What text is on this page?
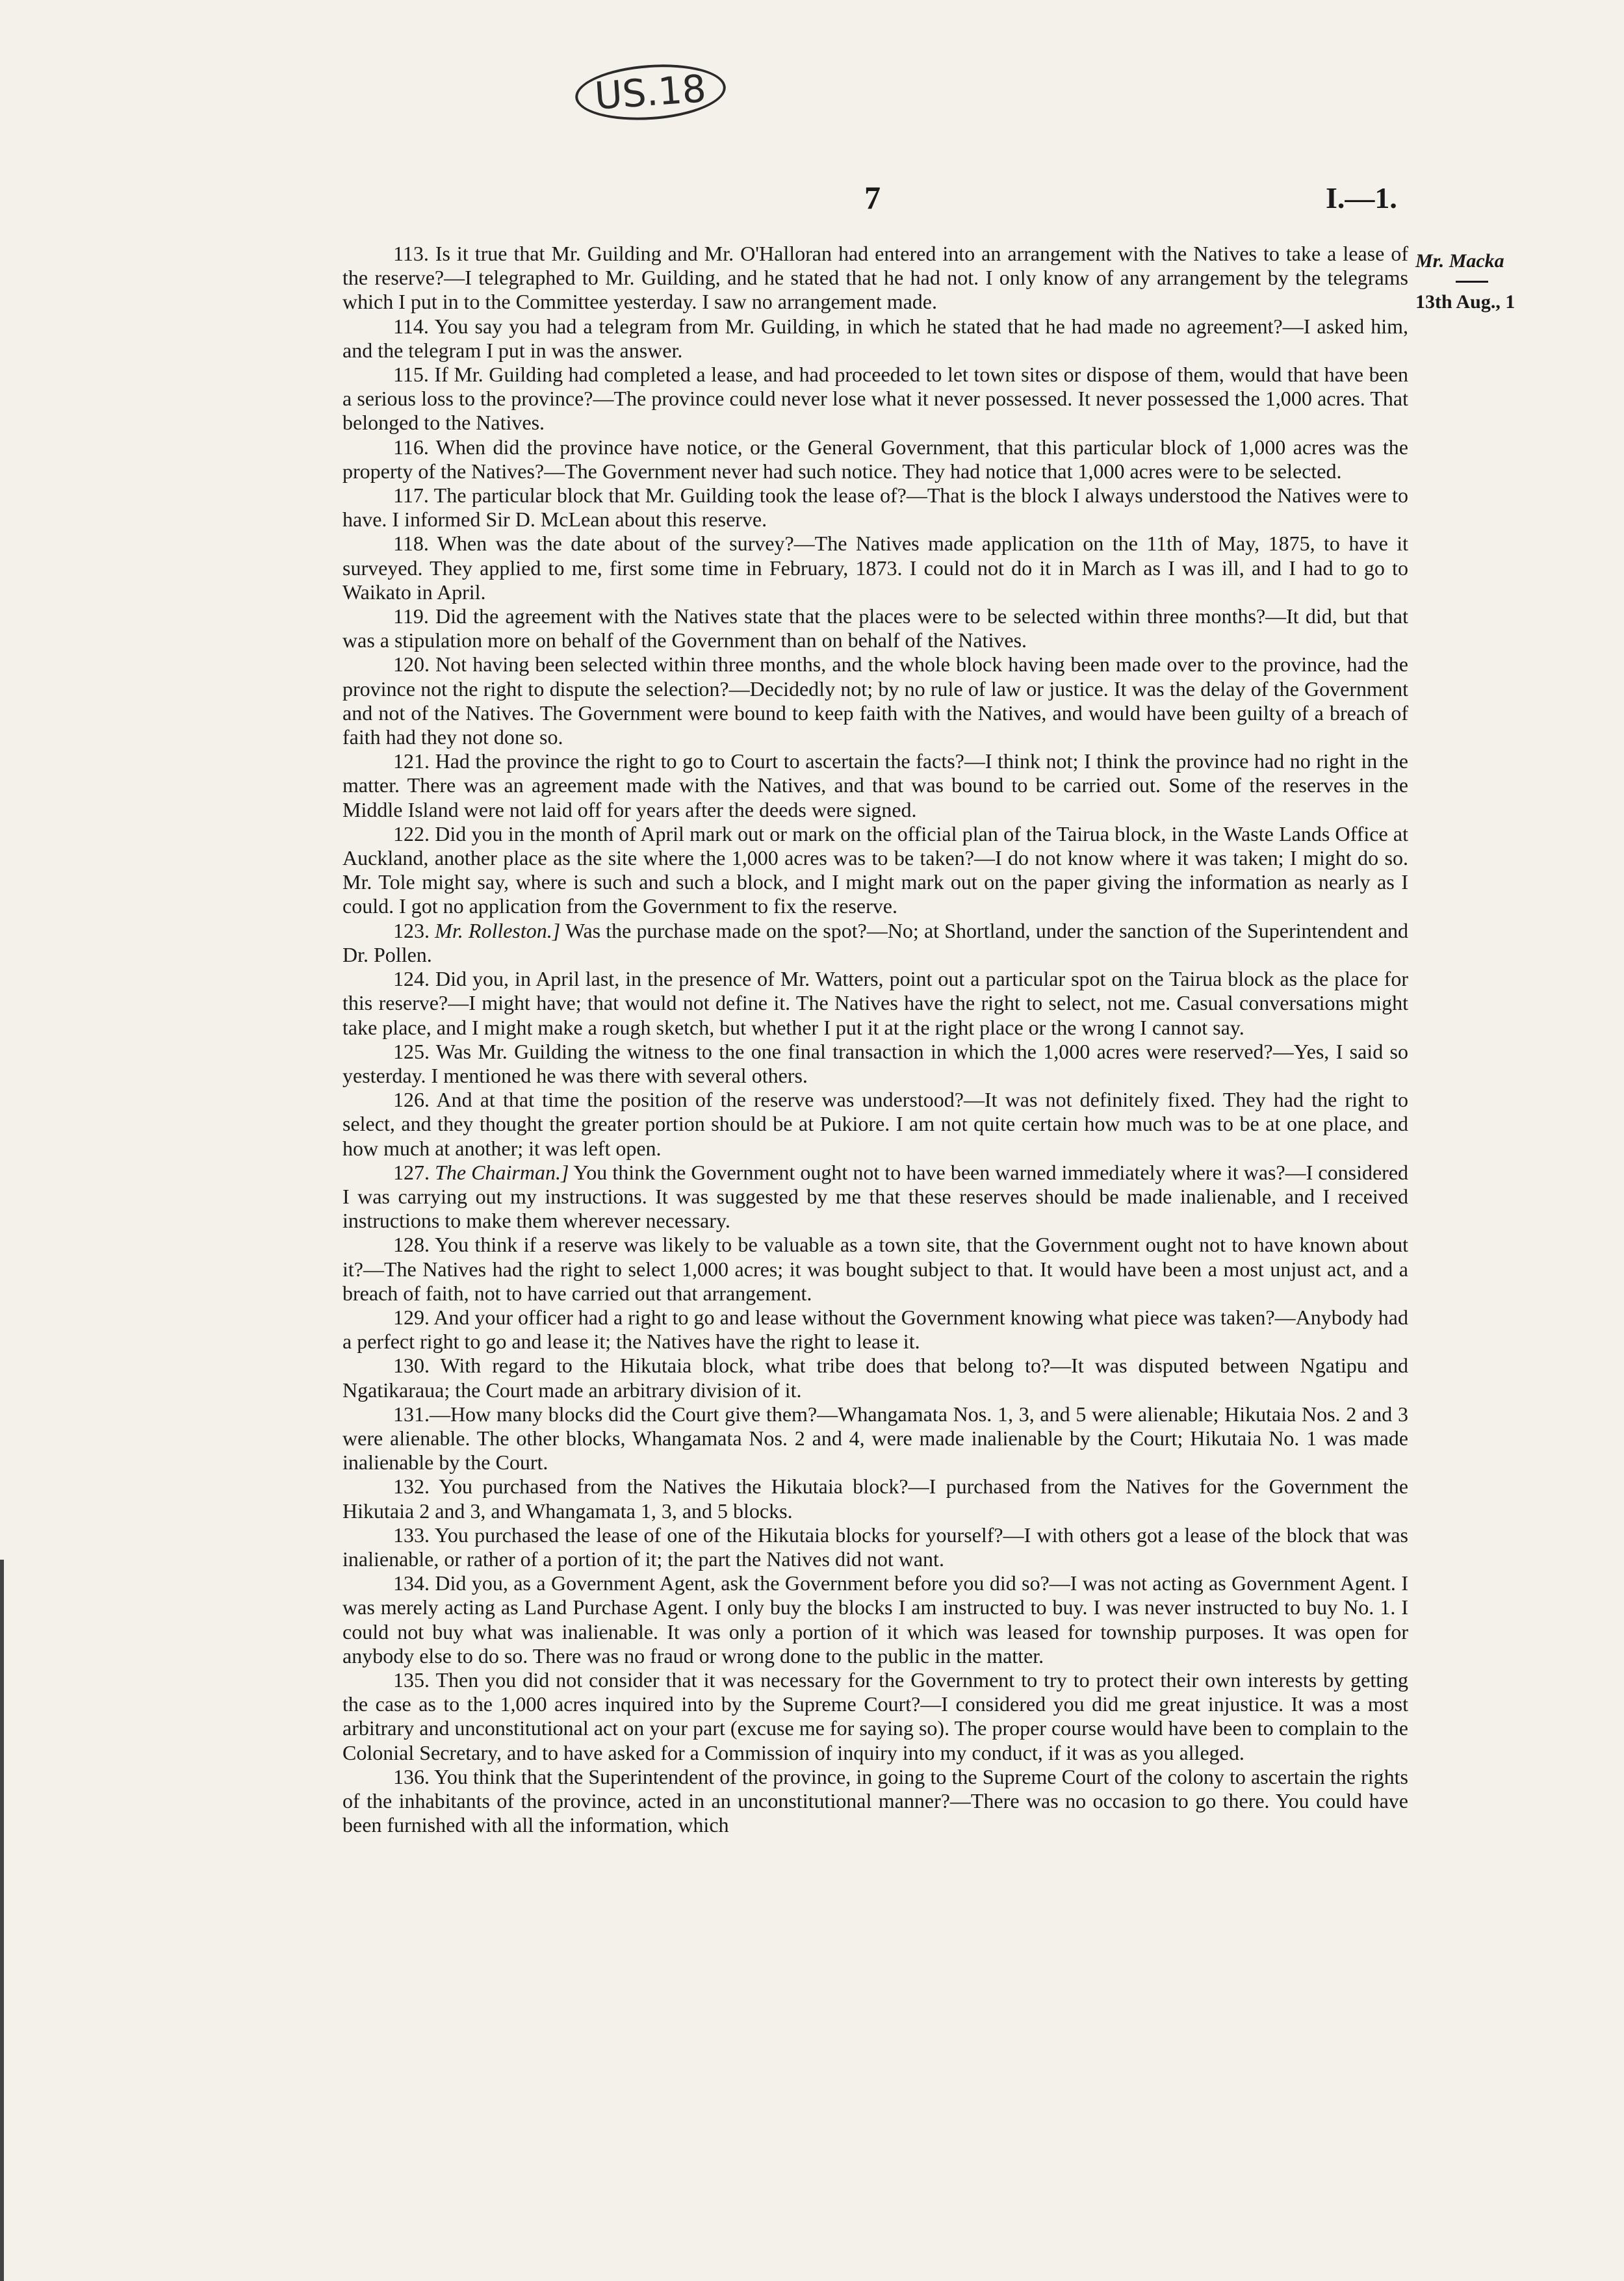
US.18
7	I.—1.
Mr. Macka
13th Aug., 1

113. Is it true that Mr. Guilding and Mr. O'Halloran had entered into an arrangement with the Natives to take a lease of the reserve?—I telegraphed to Mr. Guilding, and he stated that he had not. I only know of any arrangement by the telegrams which I put in to the Committee yesterday. I saw no arrangement made.

114. You say you had a telegram from Mr. Guilding, in which he stated that he had made no agreement?—I asked him, and the telegram I put in was the answer.

115. If Mr. Guilding had completed a lease, and had proceeded to let town sites or dispose of them, would that have been a serious loss to the province?—The province could never lose what it never possessed. It never possessed the 1,000 acres. That belonged to the Natives.

116. When did the province have notice, or the General Government, that this particular block of 1,000 acres was the property of the Natives?—The Government never had such notice. They had notice that 1,000 acres were to be selected.

117. The particular block that Mr. Guilding took the lease of?—That is the block I always understood the Natives were to have. I informed Sir D. McLean about this reserve.

118. When was the date about of the survey?—The Natives made application on the 11th of May, 1875, to have it surveyed. They applied to me, first some time in February, 1873. I could not do it in March as I was ill, and I had to go to Waikato in April.

119. Did the agreement with the Natives state that the places were to be selected within three months?—It did, but that was a stipulation more on behalf of the Government than on behalf of the Natives.

120. Not having been selected within three months, and the whole block having been made over to the province, had the province not the right to dispute the selection?—Decidedly not; by no rule of law or justice. It was the delay of the Government and not of the Natives. The Government were bound to keep faith with the Natives, and would have been guilty of a breach of faith had they not done so.

121. Had the province the right to go to Court to ascertain the facts?—I think not; I think the province had no right in the matter. There was an agreement made with the Natives, and that was bound to be carried out. Some of the reserves in the Middle Island were not laid off for years after the deeds were signed.

122. Did you in the month of April mark out or mark on the official plan of the Tairua block, in the Waste Lands Office at Auckland, another place as the site where the 1,000 acres was to be taken?—I do not know where it was taken; I might do so. Mr. Tole might say, where is such and such a block, and I might mark out on the paper giving the information as nearly as I could. I got no application from the Government to fix the reserve.

123. Mr. Rolleston.] Was the purchase made on the spot?—No; at Shortland, under the sanction of the Superintendent and Dr. Pollen.

124. Did you, in April last, in the presence of Mr. Watters, point out a particular spot on the Tairua block as the place for this reserve?—I might have; that would not define it. The Natives have the right to select, not me. Casual conversations might take place, and I might make a rough sketch, but whether I put it at the right place or the wrong I cannot say.

125. Was Mr. Guilding the witness to the one final transaction in which the 1,000 acres were reserved?—Yes, I said so yesterday. I mentioned he was there with several others.

126. And at that time the position of the reserve was understood?—It was not definitely fixed. They had the right to select, and they thought the greater portion should be at Pukiore. I am not quite certain how much was to be at one place, and how much at another; it was left open.

127. The Chairman.] You think the Government ought not to have been warned immediately where it was?—I considered I was carrying out my instructions. It was suggested by me that these reserves should be made inalienable, and I received instructions to make them wherever necessary.

128. You think if a reserve was likely to be valuable as a town site, that the Government ought not to have known about it?—The Natives had the right to select 1,000 acres; it was bought subject to that. It would have been a most unjust act, and a breach of faith, not to have carried out that arrangement.

129. And your officer had a right to go and lease without the Government knowing what piece was taken?—Anybody had a perfect right to go and lease it; the Natives have the right to lease it.

130. With regard to the Hikutaia block, what tribe does that belong to?—It was disputed between Ngatipu and Ngatikaraua; the Court made an arbitrary division of it.

131.—How many blocks did the Court give them?—Whangamata Nos. 1, 3, and 5 were alienable; Hikutaia Nos. 2 and 3 were alienable. The other blocks, Whangamata Nos. 2 and 4, were made inalienable by the Court; Hikutaia No. 1 was made inalienable by the Court.

132. You purchased from the Natives the Hikutaia block?—I purchased from the Natives for the Government the Hikutaia 2 and 3, and Whangamata 1, 3, and 5 blocks.

133. You purchased the lease of one of the Hikutaia blocks for yourself?—I with others got a lease of the block that was inalienable, or rather of a portion of it; the part the Natives did not want.

134. Did you, as a Government Agent, ask the Government before you did so?—I was not acting as Government Agent. I was merely acting as Land Purchase Agent. I only buy the blocks I am instructed to buy. I was never instructed to buy No. 1. I could not buy what was inalienable. It was only a portion of it which was leased for township purposes. It was open for anybody else to do so. There was no fraud or wrong done to the public in the matter.

135. Then you did not consider that it was necessary for the Government to try to protect their own interests by getting the case as to the 1,000 acres inquired into by the Supreme Court?—I considered you did me great injustice. It was a most arbitrary and unconstitutional act on your part (excuse me for saying so). The proper course would have been to complain to the Colonial Secretary, and to have asked for a Commission of inquiry into my conduct, if it was as you alleged.

136. You think that the Superintendent of the province, in going to the Supreme Court of the colony to ascertain the rights of the inhabitants of the province, acted in an unconstitutional manner?—There was no occasion to go there. You could have been furnished with all the information, which
